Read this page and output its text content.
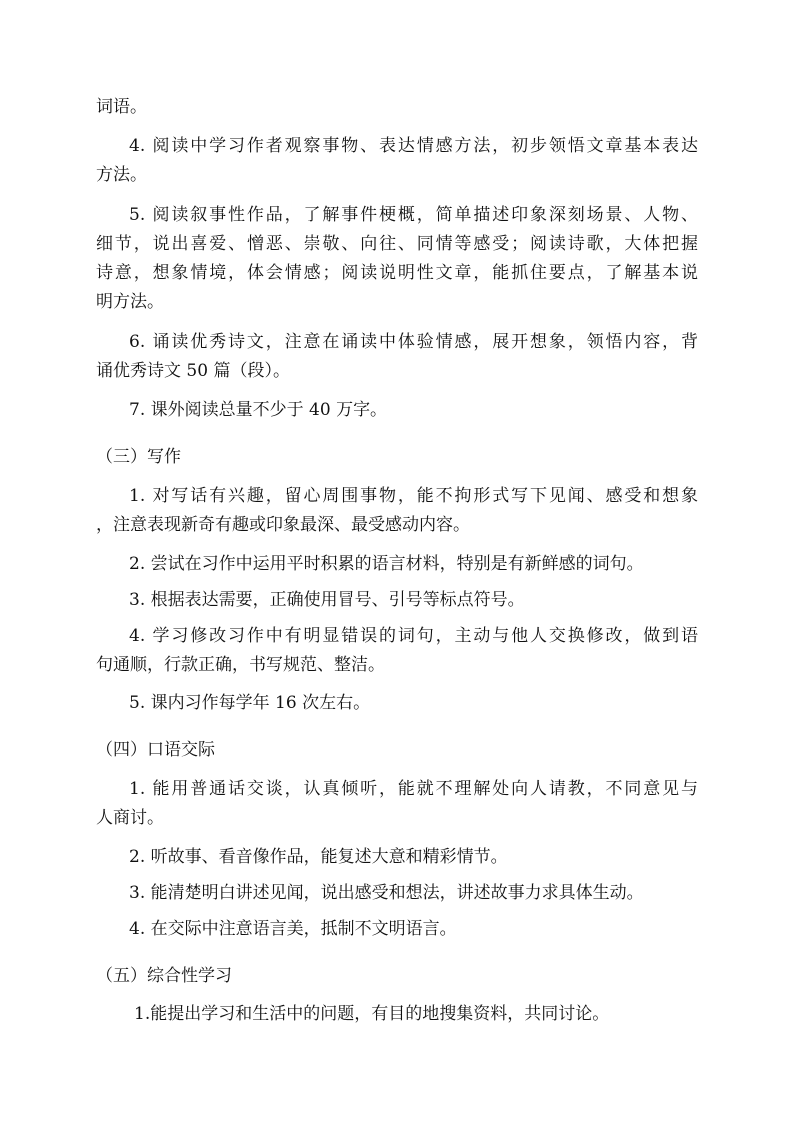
词语。
4. 阅读中学习作者观察事物、表达情感方法，初步领悟文章基本表达
方法。
5. 阅读叙事性作品，了解事件梗概，简单描述印象深刻场景、人物、
细节，说出喜爱、憎恶、崇敬、向往、同情等感受；阅读诗歌，大体把握
诗意，想象情境，体会情感；阅读说明性文章，能抓住要点，了解基本说
明方法。
6. 诵读优秀诗文，注意在诵读中体验情感，展开想象，领悟内容，背
诵优秀诗文 50 篇（段）。
7. 课外阅读总量不少于 40 万字。
（三）写作
1. 对写话有兴趣，留心周围事物，能不拘形式写下见闻、感受和想象
，注意表现新奇有趣或印象最深、最受感动内容。
2. 尝试在习作中运用平时积累的语言材料，特别是有新鲜感的词句。
3. 根据表达需要，正确使用冒号、引号等标点符号。
4. 学习修改习作中有明显错误的词句，主动与他人交换修改，做到语
句通顺，行款正确，书写规范、整洁。
5. 课内习作每学年 16 次左右。
（四）口语交际
1. 能用普通话交谈，认真倾听，能就不理解处向人请教，不同意见与
人商讨。
2. 听故事、看音像作品，能复述大意和精彩情节。
3. 能清楚明白讲述见闻，说出感受和想法，讲述故事力求具体生动。
4. 在交际中注意语言美，抵制不文明语言。
（五）综合性学习
1.能提出学习和生活中的问题，有目的地搜集资料，共同讨论。
